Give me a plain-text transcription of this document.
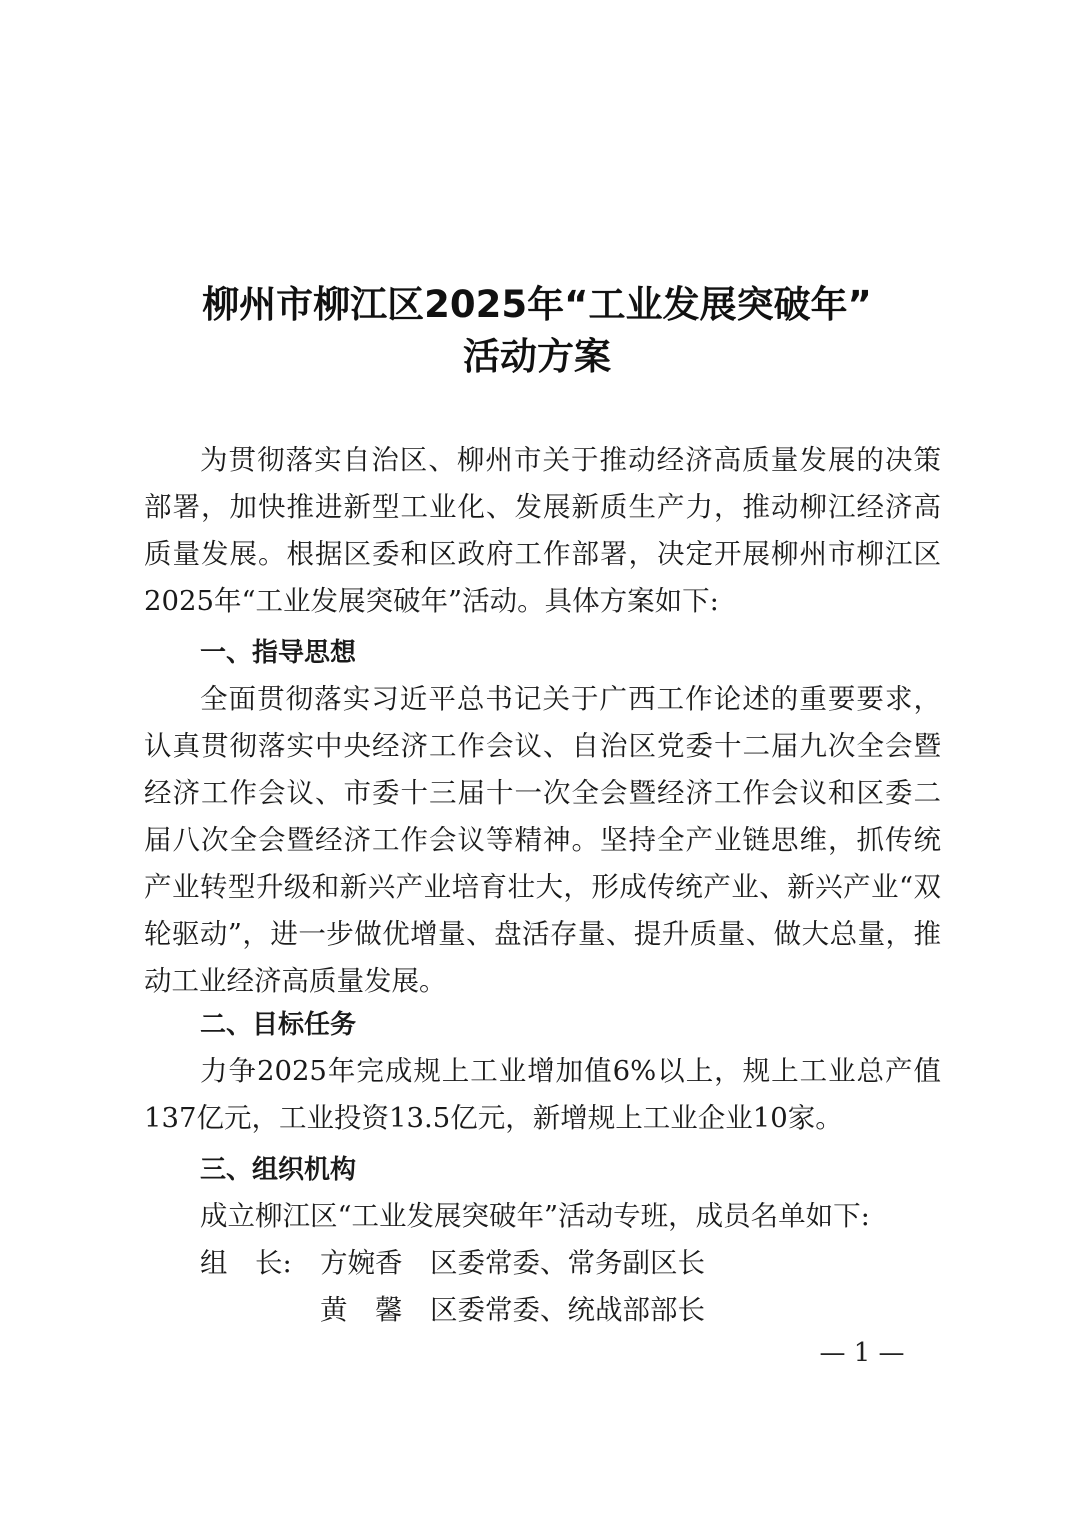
柳州市柳江区2025年“工业发展突破年”
活动方案
为贯彻落实自治区、柳州市关于推动经济高质量发展的决策
部署，加快推进新型工业化、发展新质生产力，推动柳江经济高
质量发展。根据区委和区政府工作部署，决定开展柳州市柳江区
2025年“工业发展突破年”活动。具体方案如下:
一、指导思想
全面贯彻落实习近平总书记关于广西工作论述的重要要求，
认真贯彻落实中央经济工作会议、自治区党委十二届九次全会暨
经济工作会议、市委十三届十一次全会暨经济工作会议和区委二
届八次全会暨经济工作会议等精神。坚持全产业链思维，抓传统
产业转型升级和新兴产业培育壮大，形成传统产业、新兴产业“双
轮驱动”，进一步做优增量、盘活存量、提升质量、做大总量，推
动工业经济高质量发展。
二、目标任务
力争2025年完成规上工业增加值6%以上，规上工业总产值
137亿元，工业投资13.5亿元，新增规上工业企业10家。
三、组织机构
成立柳江区“工业发展突破年”活动专班，成员名单如下:
组　长: 方婉香 区委常委、常务副区长
黄　馨 区委常委、统战部部长
— 1 —
